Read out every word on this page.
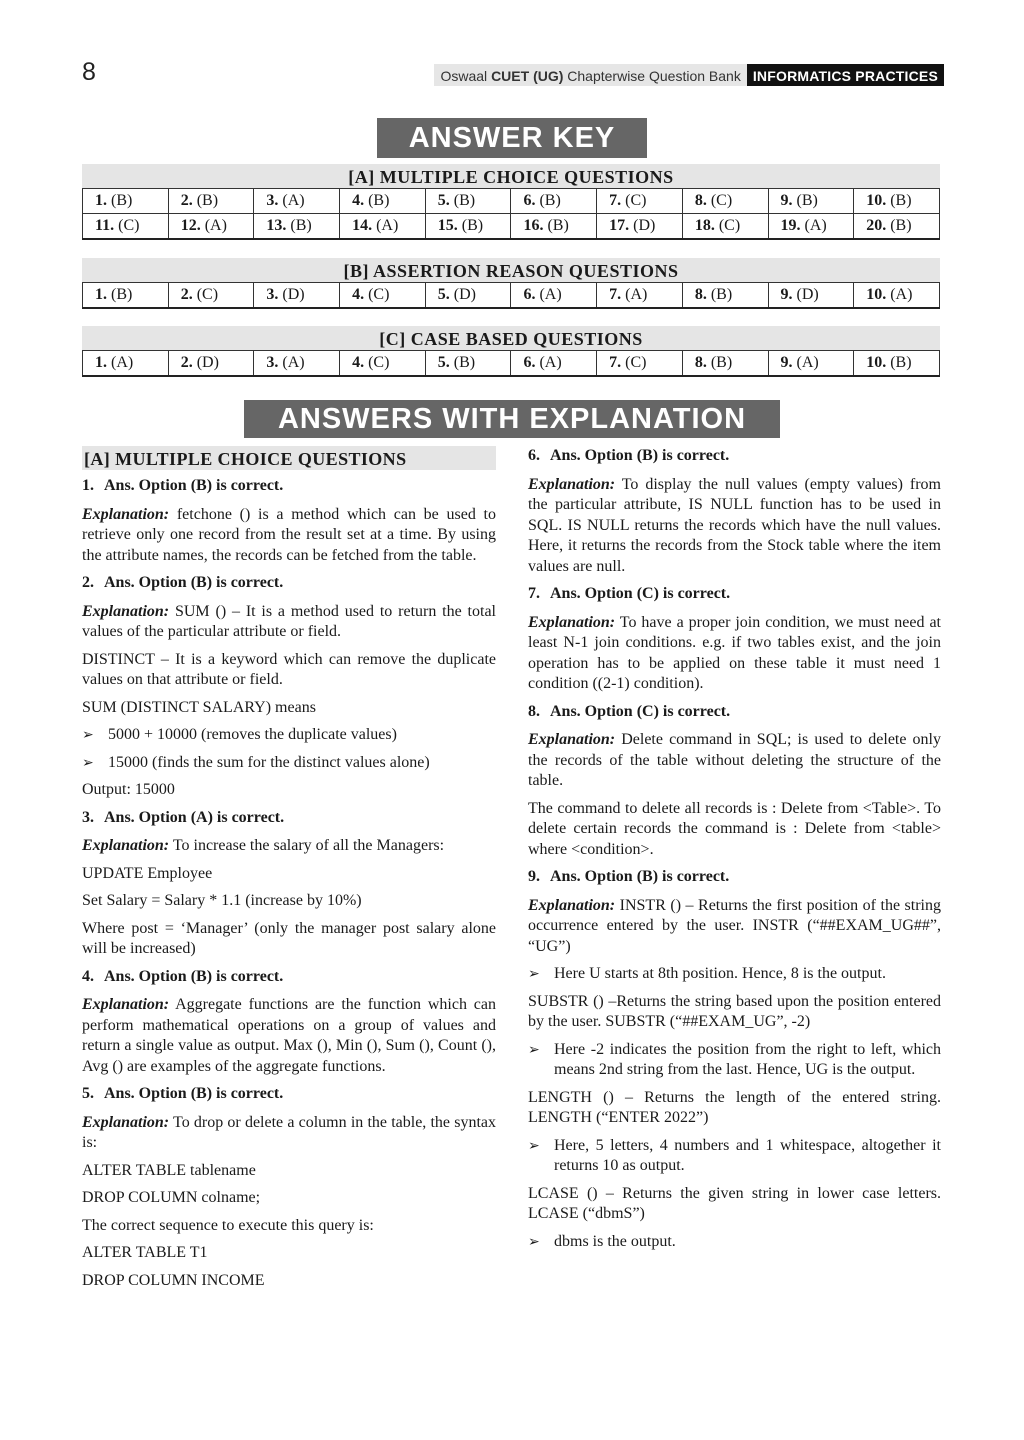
8	Oswaal CUET (UG) Chapterwise Question Bank INFORMATICS PRACTICES
ANSWER KEY
[A] MULTIPLE CHOICE QUESTIONS
1. (B)	2. (B)	3. (A)	4. (B)	5. (B)	6. (B)	7. (C)	8. (C)	9. (B)	10. (B)
11. (C)	12. (A)	13. (B)	14. (A)	15. (B)	16. (B)	17. (D)	18. (C)	19. (A)	20. (B)
[B] ASSERTION REASON QUESTIONS
1. (B)	2. (C)	3. (D)	4. (C)	5. (D)	6. (A)	7. (A)	8. (B)	9. (D)	10. (A)
[C] CASE BASED QUESTIONS
1. (A)	2. (D)	3. (A)	4. (C)	5. (B)	6. (A)	7. (C)	8. (B)	9. (A)	10. (B)
ANSWERS WITH EXPLANATION
[A] MULTIPLE CHOICE QUESTIONS

1. Ans. Option (B) is correct.

Explanation: fetchone () is a method which can be used to retrieve only one record from the result set at a time. By using the attribute names, the records can be fetched from the table.

2. Ans. Option (B) is correct.

Explanation: SUM () – It is a method used to return the total values of the particular attribute or field.

DISTINCT – It is a keyword which can remove the duplicate values on that attribute or field.

SUM (DISTINCT SALARY) means

➢ 5000 + 10000 (removes the duplicate values)

➢ 15000 (finds the sum for the distinct values alone)

Output: 15000

3. Ans. Option (A) is correct.

Explanation: To increase the salary of all the Managers:

UPDATE Employee

Set Salary = Salary * 1.1 (increase by 10%)

Where post = ‘Manager’ (only the manager post salary alone will be increased)

4. Ans. Option (B) is correct.

Explanation: Aggregate functions are the function which can perform mathematical operations on a group of values and return a single value as output. Max (), Min (), Sum (), Count (), Avg () are examples of the aggregate functions.

5. Ans. Option (B) is correct.

Explanation: To drop or delete a column in the table, the syntax is:

ALTER TABLE tablename

DROP COLUMN colname;

The correct sequence to execute this query is:

ALTER TABLE T1

DROP COLUMN INCOME

6. Ans. Option (B) is correct.

Explanation: To display the null values (empty values) from the particular attribute, IS NULL function has to be used in SQL. IS NULL returns the records which have the null values. Here, it returns the records from the Stock table where the item values are null.

7. Ans. Option (C) is correct.

Explanation: To have a proper join condition, we must need at least N-1 join conditions. e.g. if two tables exist, and the join operation has to be applied on these table it must need 1 condition ((2-1) condition).

8. Ans. Option (C) is correct.

Explanation: Delete command in SQL; is used to delete only the records of the table without deleting the structure of the table.

The command to delete all records is : Delete from <Table>. To delete certain records the command is : Delete from <table> where <condition>.

9. Ans. Option (B) is correct.

Explanation: INSTR () – Returns the first position of the string occurrence entered by the user. INSTR (“##EXAM_UG##”, “UG”)

➢ Here U starts at 8th position. Hence, 8 is the output.

SUBSTR () –Returns the string based upon the position entered by the user. SUBSTR (“##EXAM_UG”, -2)

➢ Here -2 indicates the position from the right to left, which means 2nd string from the last. Hence, UG is the output.

LENGTH () – Returns the length of the entered string. LENGTH (“ENTER 2022”)

➢ Here, 5 letters, 4 numbers and 1 whitespace, altogether it returns 10 as output.

LCASE () – Returns the given string in lower case letters. LCASE (“dbmS”)

➢ dbms is the output.
